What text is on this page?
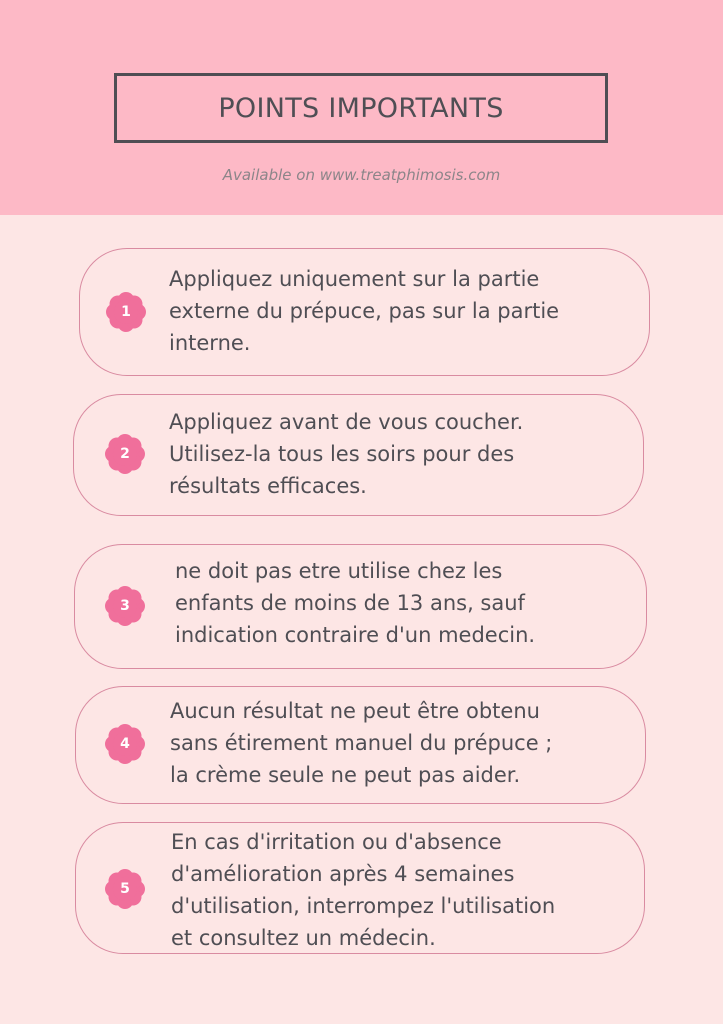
POINTS IMPORTANTS
Available on www.treatphimosis.com
1
Appliquez uniquement sur la partie
externe du prépuce, pas sur la partie
interne.
2
Appliquez avant de vous coucher.
Utilisez-la tous les soirs pour des
résultats efficaces.
3
ne doit pas etre utilise chez les
enfants de moins de 13 ans, sauf
indication contraire d'un medecin.
4
Aucun résultat ne peut être obtenu
sans étirement manuel du prépuce ;
la crème seule ne peut pas aider.
5
En cas d'irritation ou d'absence
d'amélioration après 4 semaines
d'utilisation, interrompez l'utilisation
et consultez un médecin.
